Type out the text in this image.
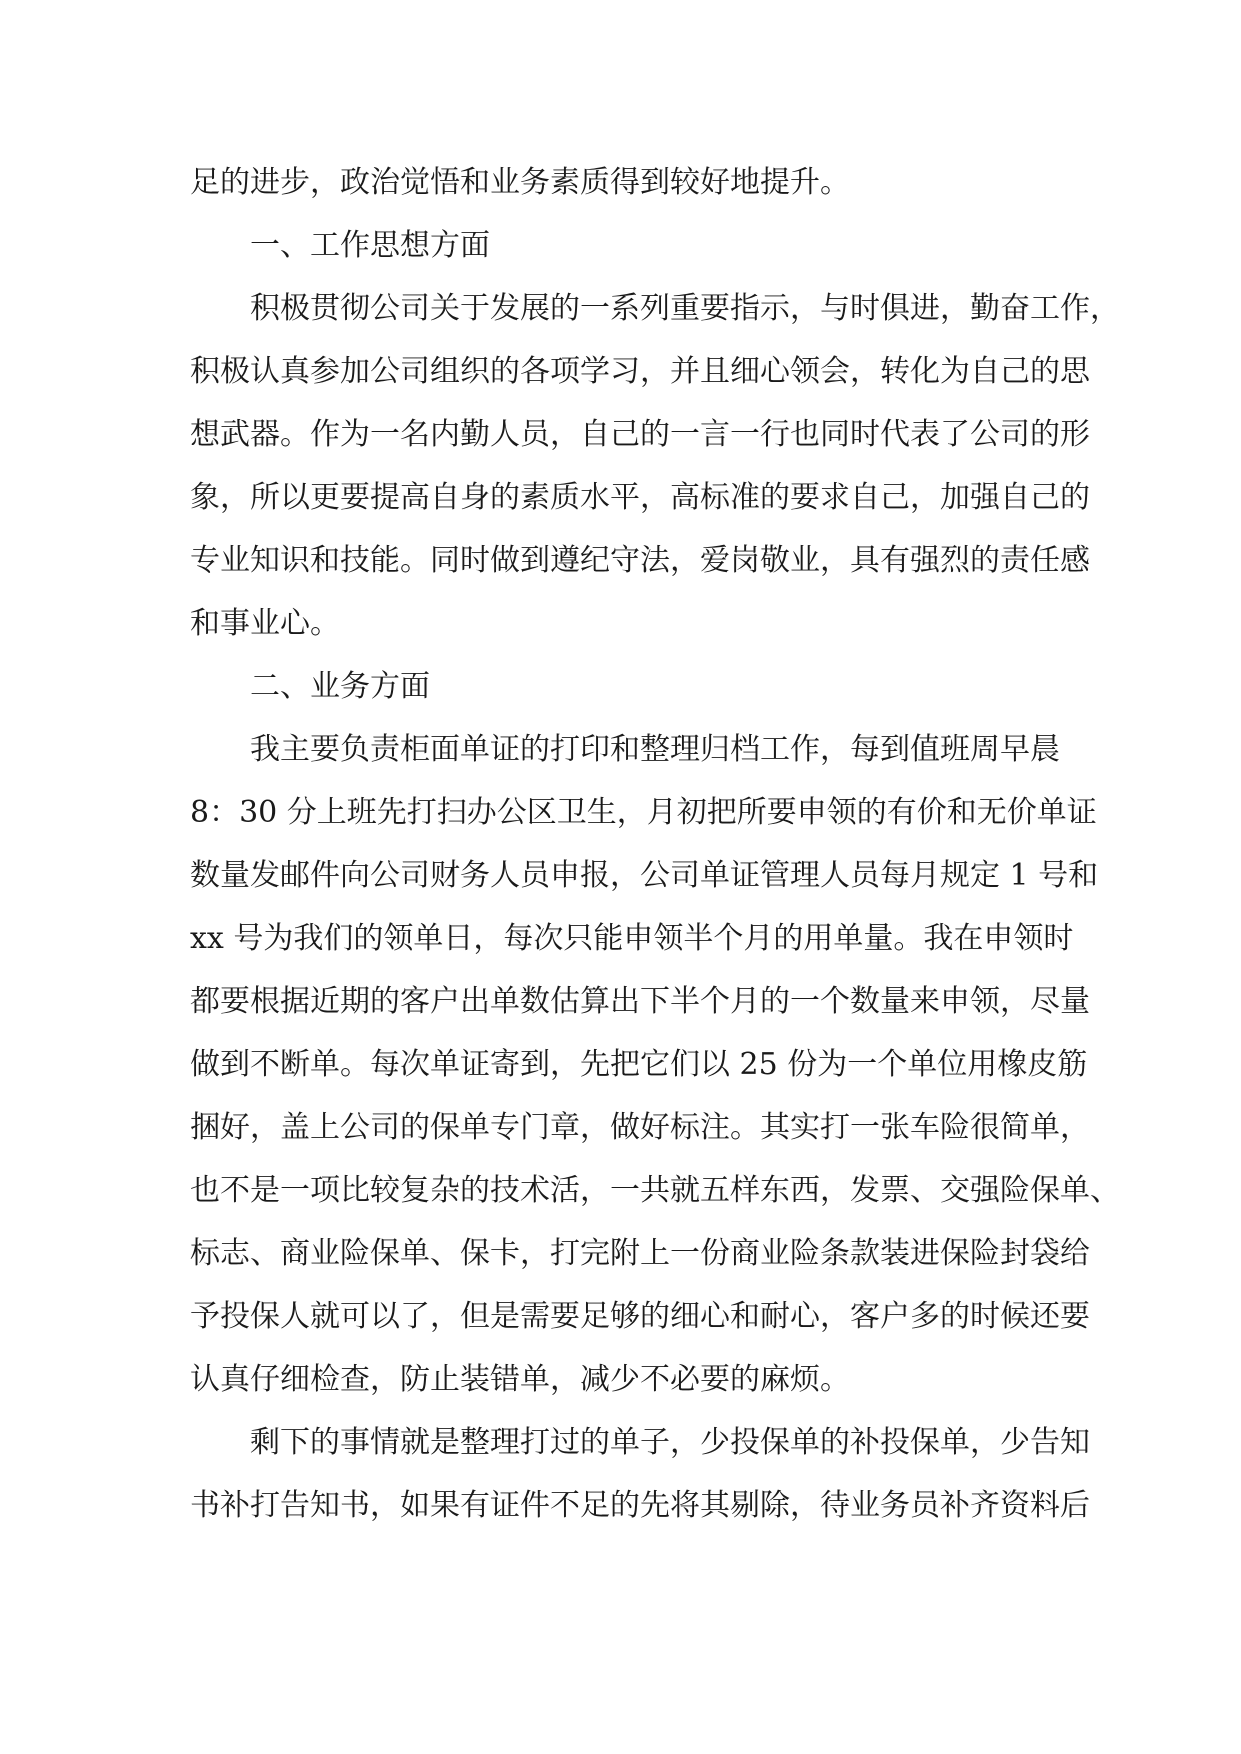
足的进步，政治觉悟和业务素质得到较好地提升。
一、工作思想方面
积极贯彻公司关于发展的一系列重要指示，与时俱进，勤奋工作，
积极认真参加公司组织的各项学习，并且细心领会，转化为自己的思
想武器。作为一名内勤人员，自己的一言一行也同时代表了公司的形
象，所以更要提高自身的素质水平，高标准的要求自己，加强自己的
专业知识和技能。同时做到遵纪守法，爱岗敬业，具有强烈的责任感
和事业心。
二、业务方面
我主要负责柜面单证的打印和整理归档工作，每到值班周早晨
8：30 分上班先打扫办公区卫生，月初把所要申领的有价和无价单证
数量发邮件向公司财务人员申报，公司单证管理人员每月规定 1 号和
xx 号为我们的领单日，每次只能申领半个月的用单量。我在申领时
都要根据近期的客户出单数估算出下半个月的一个数量来申领，尽量
做到不断单。每次单证寄到，先把它们以 25 份为一个单位用橡皮筋
捆好，盖上公司的保单专门章，做好标注。其实打一张车险很简单，
也不是一项比较复杂的技术活，一共就五样东西，发票、交强险保单、
标志、商业险保单、保卡，打完附上一份商业险条款装进保险封袋给
予投保人就可以了，但是需要足够的细心和耐心，客户多的时候还要
认真仔细检查，防止装错单，减少不必要的麻烦。
剩下的事情就是整理打过的单子，少投保单的补投保单，少告知
书补打告知书，如果有证件不足的先将其剔除，待业务员补齐资料后
